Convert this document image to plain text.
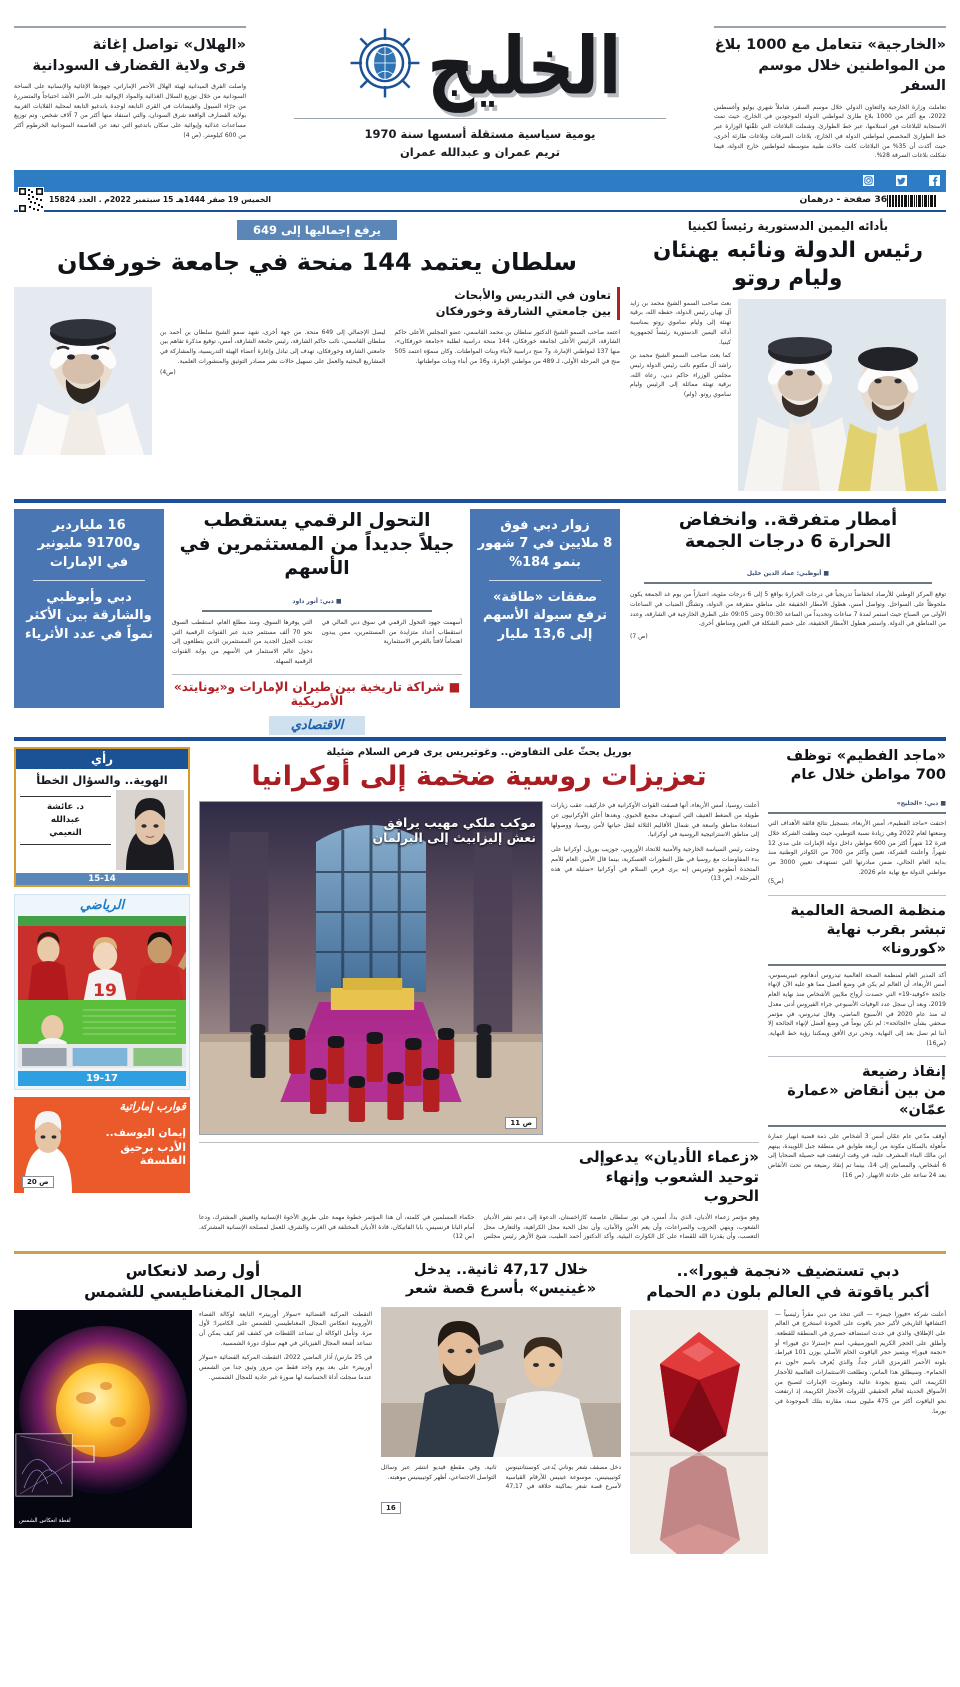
«الخارجية» تتعامل مع 1000 بلاغ
من المواطنين خلال موسم السفر
تعاملت وزارة الخارجية والتعاون الدولي خلال موسم السفر، شاملاً شهري يوليو وأغسطس 2022، مع أكثر من 1000 بلاغ طارئ لمواطني الدولة الموجودين في الخارج، حيث تمت الاستجابة للبلاغات فور استلامها، عبر خط الطوارئ. وشملت البلاغات التي تلقّتها الوزارة عبر خط الطوارئ المخصص لمواطني الدولة في الخارج، بلاغات السرقات وبلاغات طارئة أخرى، حيث أكدت أن 35% من البلاغات كانت حالات طبية متوسطة لمواطنين خارج الدولة، فيما شكلت بلاغات السرقة 28%.
الخليج
يومية سياسية مستقلة أسسها سنة 1970
تريم عمران و عبدالله عمران
«الهلال» تواصل إغاثة
قرى ولاية القضارف السودانية
واصلت الفرق الميدانية لهيئة الهلال الأحمر الإماراتي، جهودها الإغاثية والإنسانية على الساحة السودانية من خلال توزيع السلال الغذائية والمواد الإيوائية على الأسر الأشد احتياجاً والمتضررة من جرّاء السيول والفيضانات في القرى التابعة لوحدة باندغيو التابعة لمحلية القلابات الغربية بولاية القضارف الواقعة شرق السودان، والتي استفاد منها أكثر من 7 آلاف شخص. وتم توزيع مساعدات غذائية وإيوائية على سكان باندغيو التي تبعد عن العاصمة السودانية الخرطوم أكثر من 600 كيلومتر. (ص 4)
36 صفحة - درهمان
الخميس 19 صفر 1444هـ 15 سبتمبر 2022م . العدد 15824
بأدائه اليمين الدستورية رئيساً لكينيا
رئيس الدولة ونائبه يهنئان وليام روتو
بعث صاحب السمو الشيخ محمد بن زايد آل نهيان رئيس الدولة، حفظه الله، برقية تهنئة إلى وليام ساموي روتو بمناسبة أدائه اليمين الدستورية رئيساً لجمهورية كينيا.
كما بعث صاحب السمو الشيخ محمد بن راشد آل مكتوم نائب رئيس الدولة رئيس مجلس الوزراء حاكم دبي، رعاه الله، برقية تهنئة مماثلة إلى الرئيس وليام ساموي روتو. (وام)
يرفع إجماليها إلى 649
سلطان يعتمد 144 منحة في جامعة خورفكان
تعاون في التدريس والأبحاث
بين جامعتي الشارقة وخورفكان
اعتمد صاحب السمو الشيخ الدكتور سلطان بن محمد القاسمي، عضو المجلس الأعلى حاكم الشارقة، الرئيس الأعلى لجامعة خورفكان، 144 منحة دراسية لطلبة «جامعة خورفكان»، منها 137 لمواطني الإمارة، و7 منح دراسية لأبناء وبنات المواطنات. وكان سموّه اعتمد 505 منح في المرحلة الأولى، لـ 489 من مواطني الإمارة، و16 من أبناء وبنات مواطناتها.
ليصل الإجمالي إلى 649 منحة. من جهة أخرى، شهد سمو الشيخ سلطان بن أحمد بن سلطان القاسمي، نائب حاكم الشارقة، رئيس جامعة الشارقة، أمس، توقيع مذكرة تفاهم بين جامعتي الشارقة وخورفكان، تهدف إلى تبادل وإعارة أعضاء الهيئة التدريسية، والمشاركة في المشاريع البحثية والعمل على تسهيل حالات نشر مصادر التوثيق والمنشورات العلمية.
(ص4)
أمطار متفرقة.. وانخفاض
الحرارة 6 درجات الجمعة
■ أبوظبي: عماد الدين خليل
توقع المركز الوطني للأرصاد انخفاضاً تدريجياً في درجات الحرارة بواقع 5 إلى 6 درجات مئوية، اعتباراً من يوم غد الجمعة يكون ملحوظاً على السواحل. وتواصل أمس، هطول الأمطار الخفيفة على مناطق متفرقة من الدولة، وتشكّل الضباب في الساعات الأولى من الصباح حيث استمر لمدة 7 ساعات وتحديداً من الساعة 00:30 وحتى 09:05 على الطرق الخارجية في الشارقة، وعدد من المناطق في الدولة. واستمر هطول الأمطار الخفيفة، على خضم الشكلة في العين ومناطق أخرى.
(ص 7)
زوار دبي فوق
8 ملايين في 7 شهور
بنمو 184%
صفقات «طاقة»
ترفع سيولة الأسهم
إلى 13,6 مليار
التحول الرقمي يستقطب
جيلاً جديداً من المستثمرين في الأسهم
■ دبي: أنور داود
أسهمت جهود التحول الرقمي في سوق دبي المالي في استقطاب أعداد متزايدة من المستثمرين، ممن يبدون اهتماماً لافتاً بالفرص الاستثمارية
التي يوفرها السوق. ومنذ مطلع العام، استقطب السوق نحو 70 ألف مستثمر جديد عبر القنوات الرقمية التي تجذب الجيل الجديد من المستثمرين الذين يتطلعون إلى دخول عالم الاستثمار في الأسهم من بوابة القنوات الرقمية السهلة.
■ شراكة تاريخية بين طيران الإمارات و«يونايتد» الأمريكية
16 ملياردير
و91700 مليونير
في الإمارات
دبي وأبوظبي
والشارقة بين الأكثر
نمواً في عدد الأثرياء
الاقتصادي
«ماجد الفطيم» توظف
700 مواطن خلال عام
■ دبي: «الخليج»
احتفت «ماجد الفطيم»، أمس الأربعاء، بتسجيل نتائج فائقة الأهداف التي وضعتها لعام 2022 وهي زيادة نسبة التوطين، حيث وظفت الشركة خلال فترة 12 شهراً أكثر من 600 مواطن داخل دولة الإمارات على مدى 12 شهراً. وأعلنت الشركة، تعيين وأكثر من 700 من الكوادر الوطنية منذ بداية العام الحالي، ضمن مبادرتها التي تستهدف تعيين 3000 من مواطني الدولة مع نهاية عام 2026.
(ص5)
منظمة الصحة العالمية
تبشر بقرب نهاية «كورونا»
أكد المدير العام لمنظمة الصحة العالمية تيدروس أدهانوم غيبريسوس، أمس الأربعاء، أن العالم لم يكن في وضع أفضل مما هو عليه الآن لإنهاء جائحة «كوفيد-19» التي حصدت أرواح ملايين الأشخاص منذ نهاية العام 2019، وبعد أن سجل عدد الوفيات الأسبوعي جراء الفيروس أدنى معدل له منذ عام 2020 في الأسبوع الماضي. وقال تيدروس، في مؤتمر صحفي بشأن «الجائحة»: لم نكن يوماً في وضع أفضل لإنهاء الجائحة إلا أننا لم نصل بعد إلى النهاية. ونحن نرى الأفق ويمكننا رؤية خط النهاية. (ص16)
إنقاذ رضيعة
من بين أنقاض «عمارة عمّان»
أوقف مدّعي عام عمّان أمس 3 أشخاص على ذمة قضية انهيار عمارة مأهولة بالسكان مكونة من أربعة طوابق في منطقة جبل اللويبدة، بينهم ابن مالك البناء المشرف عليه، في وقت ارتفعت فيه حصيلة الضحايا إلى 6 أشخاص، والمصابين إلى 14، بينما تم إنقاذ رضيعة من تحت الأنقاض بعد 24 ساعة على حادثة الانهيار. (ص 16)
بوريل يحثّ على التفاوض.. وغوتيريس يرى فرص السلام ضئيلة
تعزيزات روسية ضخمة إلى أوكرانيا
أعلنت روسيا، أمس الأربعاء، أنها قصفت القوات الأوكرانية في خاركيف، عقب زيارات طويلة من الضغط العنيف التي استهدف مجمع الحيوي. وبعدها أعلن الأوكرانيون عن استعادة مناطق واسعة في شمال الأقاليم الثلاثة لنقل حياتها لأمن روسيا، ووصولها إلى مناطق الاستراتيجية الروسية في أوكرانيا.
وحثت رئيس السياسة الخارجية والأمنية للاتحاد الأوروبي، جوزيب بوريل، أوكرانيا على بدء المفاوضات مع روسيا في ظل التطورات العسكرية، بينما قال الأمين العام للأمم المتحدة أنطونيو غوتيريس إنه يرى فرص السلام في أوكرانيا «ضئيلة في هذه المرحلة». (ص 13)
موكب ملكي مهيب يرافق
نعش إليزابيث إلى البرلمان
ص 11
«زعماء الأديان» يدعوإلى
توحيد الشعوب وإنهاء الحروب
وهو مؤتمر زعماء الأديان، الذي بدأ، أمس، في نور سلطان عاصمة كازاخستان، الدعوة إلى دعم نشر الأديان الشعوب، وينهي الحروب والصراعات، وأن يعم الأمن والأمان، وأن تحل الحبة محل الكراهية، والتعارف محل التعصب، وأن يقدرنا الله للقضاء على كل الكوارث البيئية. وأكد الدكتور أحمد الطيب، شيخ الأزهر رئيس مجلس حكماء المسلمين في كلمته، أن هذا المؤتمر خطوة مهمة على طريق الأخوة الإنسانية والعيش المشترك، ودعا أمام البابا فرنسيس، بابا الفاتيكان، قادة الأديان المختلفة في الغرب والشرق، للعمل لمصلحة الإنسانية المشتركة. (ص 12)
رأي
الهوية.. والسؤال الخطأ
د. عائشة
عبدالله
النعيمي
15-14
الرياضي
19
19-17
قوارب إماراتية
إيمان اليوسف..
الأدب برحيق الفلسفة
ص 20
دبي تستضيف «نجمة فيورا»..
أكبر ياقوتة في العالم بلون دم الحمام
أعلنت شركة «فيورا جيمز» — التي تتخذ من دبي مقراً رئيسياً — اكتشافها التاريخي لأكبر حجر ياقوت على الجودة استخرج في العالم على الإطلاق، والذي في حدث استضافه حصري في المنطقة للقطعة. وأطلق على الحجر الكريم الموزمبيقي، اسم «إسترلا دي فيورا» أو «نجمة فيورا» ويتميز حجر الياقوت الخام الأصلي بوزن 101 قيراط، بلونه الأحمر القرمزي النادر جداً، والذي يُعرف باسم «لون دم الحمام». وسيطلق هذا الماس، وتطلعت الاستثمارات العالمية للأحجار الكريمة، التي يتمتع بجودة عالية. وتطورت الإمارات لتصبح من الأسواق الحديثة لعالم الحقيقي للثروات الأحجار الكريمة، إذ ارتفعت نحو الياقوت أكثر من 475 مليون سنة، مقارنة بتلك الموجودة في بورما.
خلال 47,17 ثانية.. يدخل
«غينيس» بأسرع قصة شعر
دخل مصفف شعر يوناني يُدعى كونستانتينوس كوتيبينيس، موسوعة غينيس للأرقام القياسية لأسرع قصة شعر بماكينة حلاقة في 47,17 ثانية. وفي مقطع فيديو انتشر عبر وسائل التواصل الاجتماعي، أظهر كوتيبينيس موهبته.
16
أول رصد لانعكاس
المجال المغناطيسي للشمس
التقطت المركبة الفضائية «سولار أوربيتر» التابعة لوكالة الفضاء الأوروبية انعكاس المجال المغناطيسي للشمس على الكاميرا؛ لأول مرة. وتأمل الوكالة أن تساعد اللقطات في كشف لغز كيف يمكن أن تساعد أشعة المجال الفيزيائي في فهم سلوك دورة الشمسية.
في 25 مارس/ آذار الماضي 2022، التقطت المركبة الفضائية «سولار أوربيتر» على بعد يوم واحد فقط من مرور وثيق جدا من الشمس عندما سجلت أداة الحساسة لها صورة غير عادية للمجال الشمسي.
لقطة انعكاس الشمس
